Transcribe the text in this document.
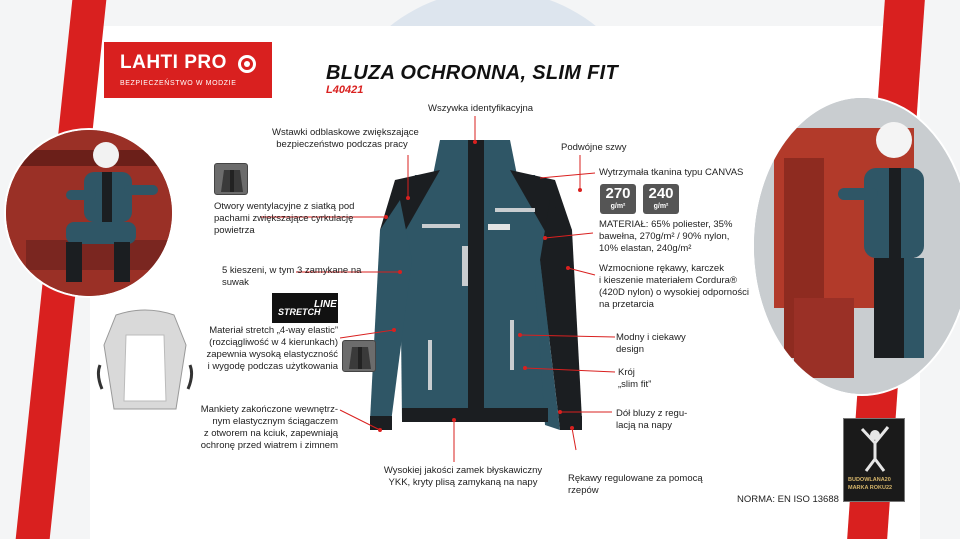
LAHTI PRO
BEZPIECZEŃSTWO W MODZIE	BLUZA OCHRONNA, SLIM FIT
L40421
STRETCH
LINE
270
g/m²
240
g/m²
Wszywka identyfikacyjna
Wstawki odblaskowe zwiększające
bezpieczeństwo podczas pracy	Podwójne szwy
Wytrzymała tkanina typu CANVAS
Otwory wentylacyjne z siatką pod
pachami zwiększające cyrkulację
powietrza
MATERIAŁ: 65% poliester, 35%
bawełna, 270g/m² / 90% nylon,
10% elastan, 240g/m²
5 kieszeni, w tym 3 zamykane na
suwak
Wzmocnione rękawy, karczek
i kieszenie materiałem Cordura®
(420D nylon) o wysokiej odporności
na przetarcia
Materiał stretch „4-way elastic”
(rozciągliwość w 4 kierunkach)
zapewnia wysoką elastyczność
i wygodę podczas użytkowania
Modny i ciekawy
design
Krój
„slim fit”
Mankiety zakończone wewnętrz-
nym elastycznym ściągaczem
z otworem na kciuk, zapewniają
ochronę przed wiatrem i zimnem
Dół bluzy z regu-
lacją na napy
Wysokiej jakości zamek błyskawiczny
YKK, kryty plisą zamykaną na napy	Rękawy regulowane za pomocą
rzepów
BUDOWLANA20
MARKA ROKU22
NORMA: EN ISO 13688
